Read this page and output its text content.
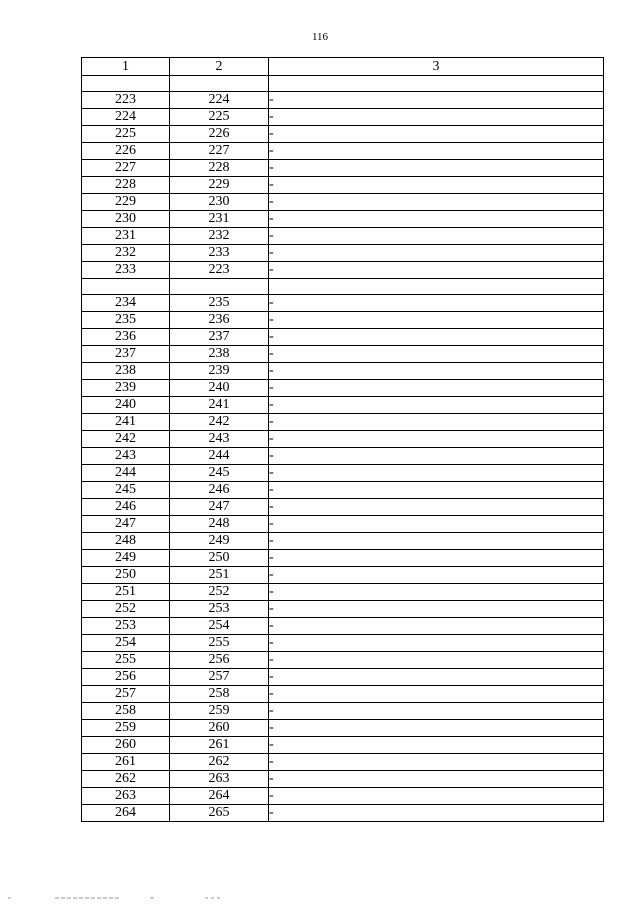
116
1	2	3

223	224	-
224	225	-
225	226	-
226	227	-
227	228	-
228	229	-
229	230	-
230	231	-
231	232	-
232	233	-
233	223	-

234	235	-
235	236	-
236	237	-
237	238	-
238	239	-
239	240	-
240	241	-
241	242	-
242	243	-
243	244	-
244	245	-
245	246	-
246	247	-
247	248	-
248	249	-
249	250	-
250	251	-
251	252	-
252	253	-
253	254	-
254	255	-
255	256	-
256	257	-
257	258	-
258	259	-
259	260	-
260	261	-
261	262	-
262	263	-
263	264	-
264	265	-
